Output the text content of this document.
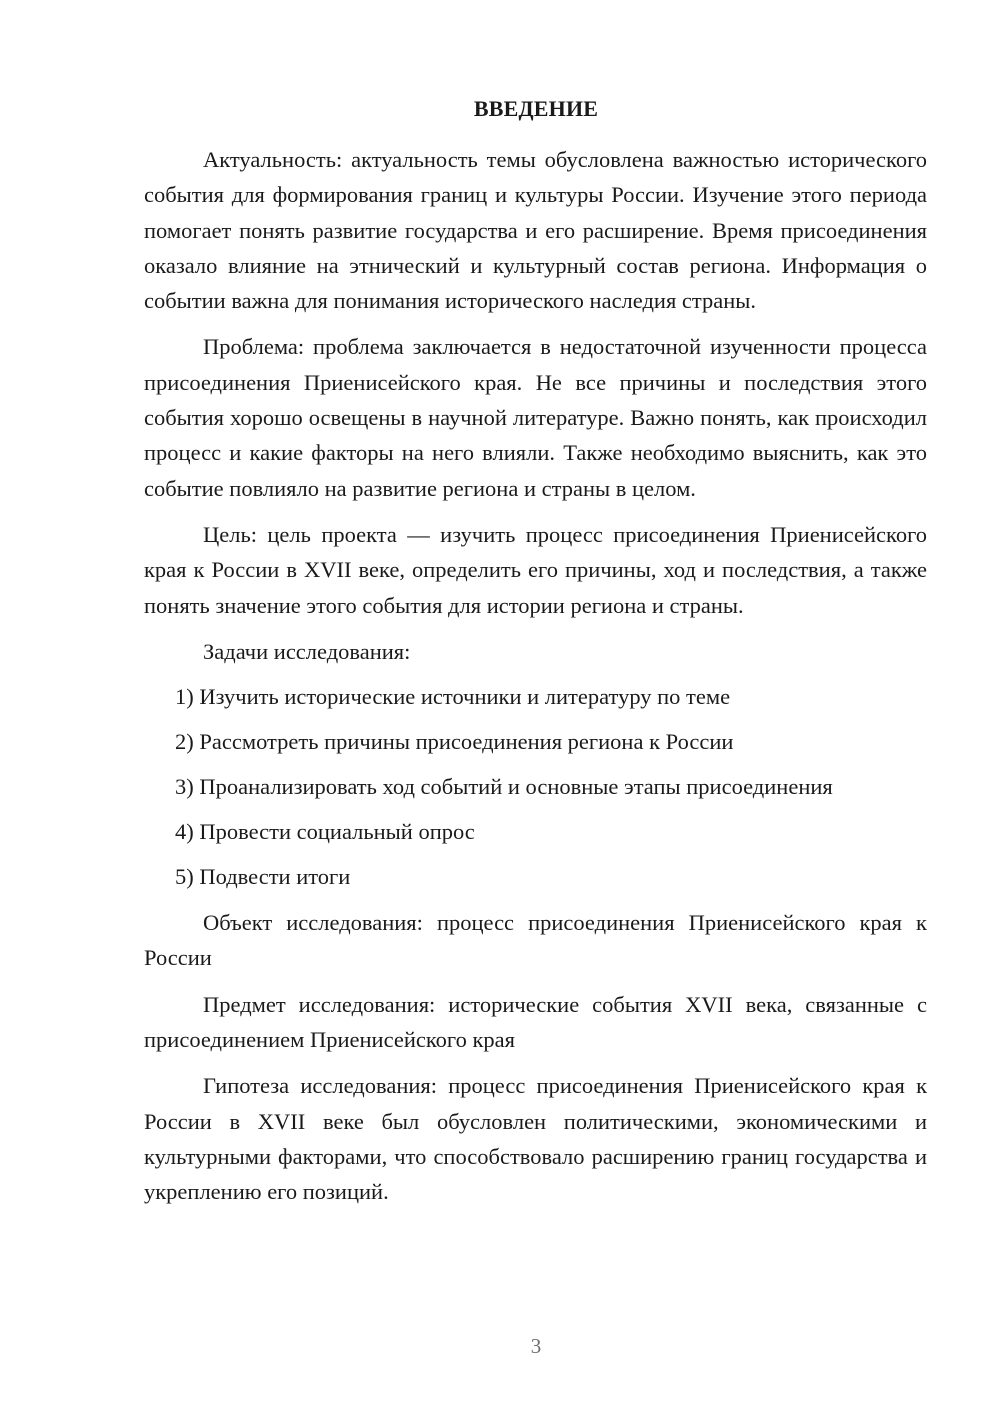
ВВЕДЕНИЕ

Актуальность: актуальность темы обусловлена важностью исторического события для формирования границ и культуры России. Изучение этого периода помогает понять развитие государства и его расширение. Время присоединения оказало влияние на этнический и культурный состав региона. Информация о событии важна для понимания исторического наследия страны.

Проблема: проблема заключается в недостаточной изученности процесса присоединения Приенисейского края. Не все причины и последствия этого события хорошо освещены в научной литературе. Важно понять, как происходил процесс и какие факторы на него влияли. Также необходимо выяснить, как это событие повлияло на развитие региона и страны в целом.

Цель: цель проекта — изучить процесс присоединения Приенисейского края к России в XVII веке, определить его причины, ход и последствия, а также понять значение этого события для истории региона и страны.

Задачи исследования:

1) Изучить исторические источники и литературу по теме
2) Рассмотреть причины присоединения региона к России
3) Проанализировать ход событий и основные этапы присоединения
4) Провести социальный опрос
5) Подвести итоги

Объект исследования: процесс присоединения Приенисейского края к России

Предмет исследования: исторические события XVII века, связанные с присоединением Приенисейского края

Гипотеза исследования: процесс присоединения Приенисейского края к России в XVII веке был обусловлен политическими, экономическими и культурными факторами, что способствовало расширению границ государства и укреплению его позиций.

3
